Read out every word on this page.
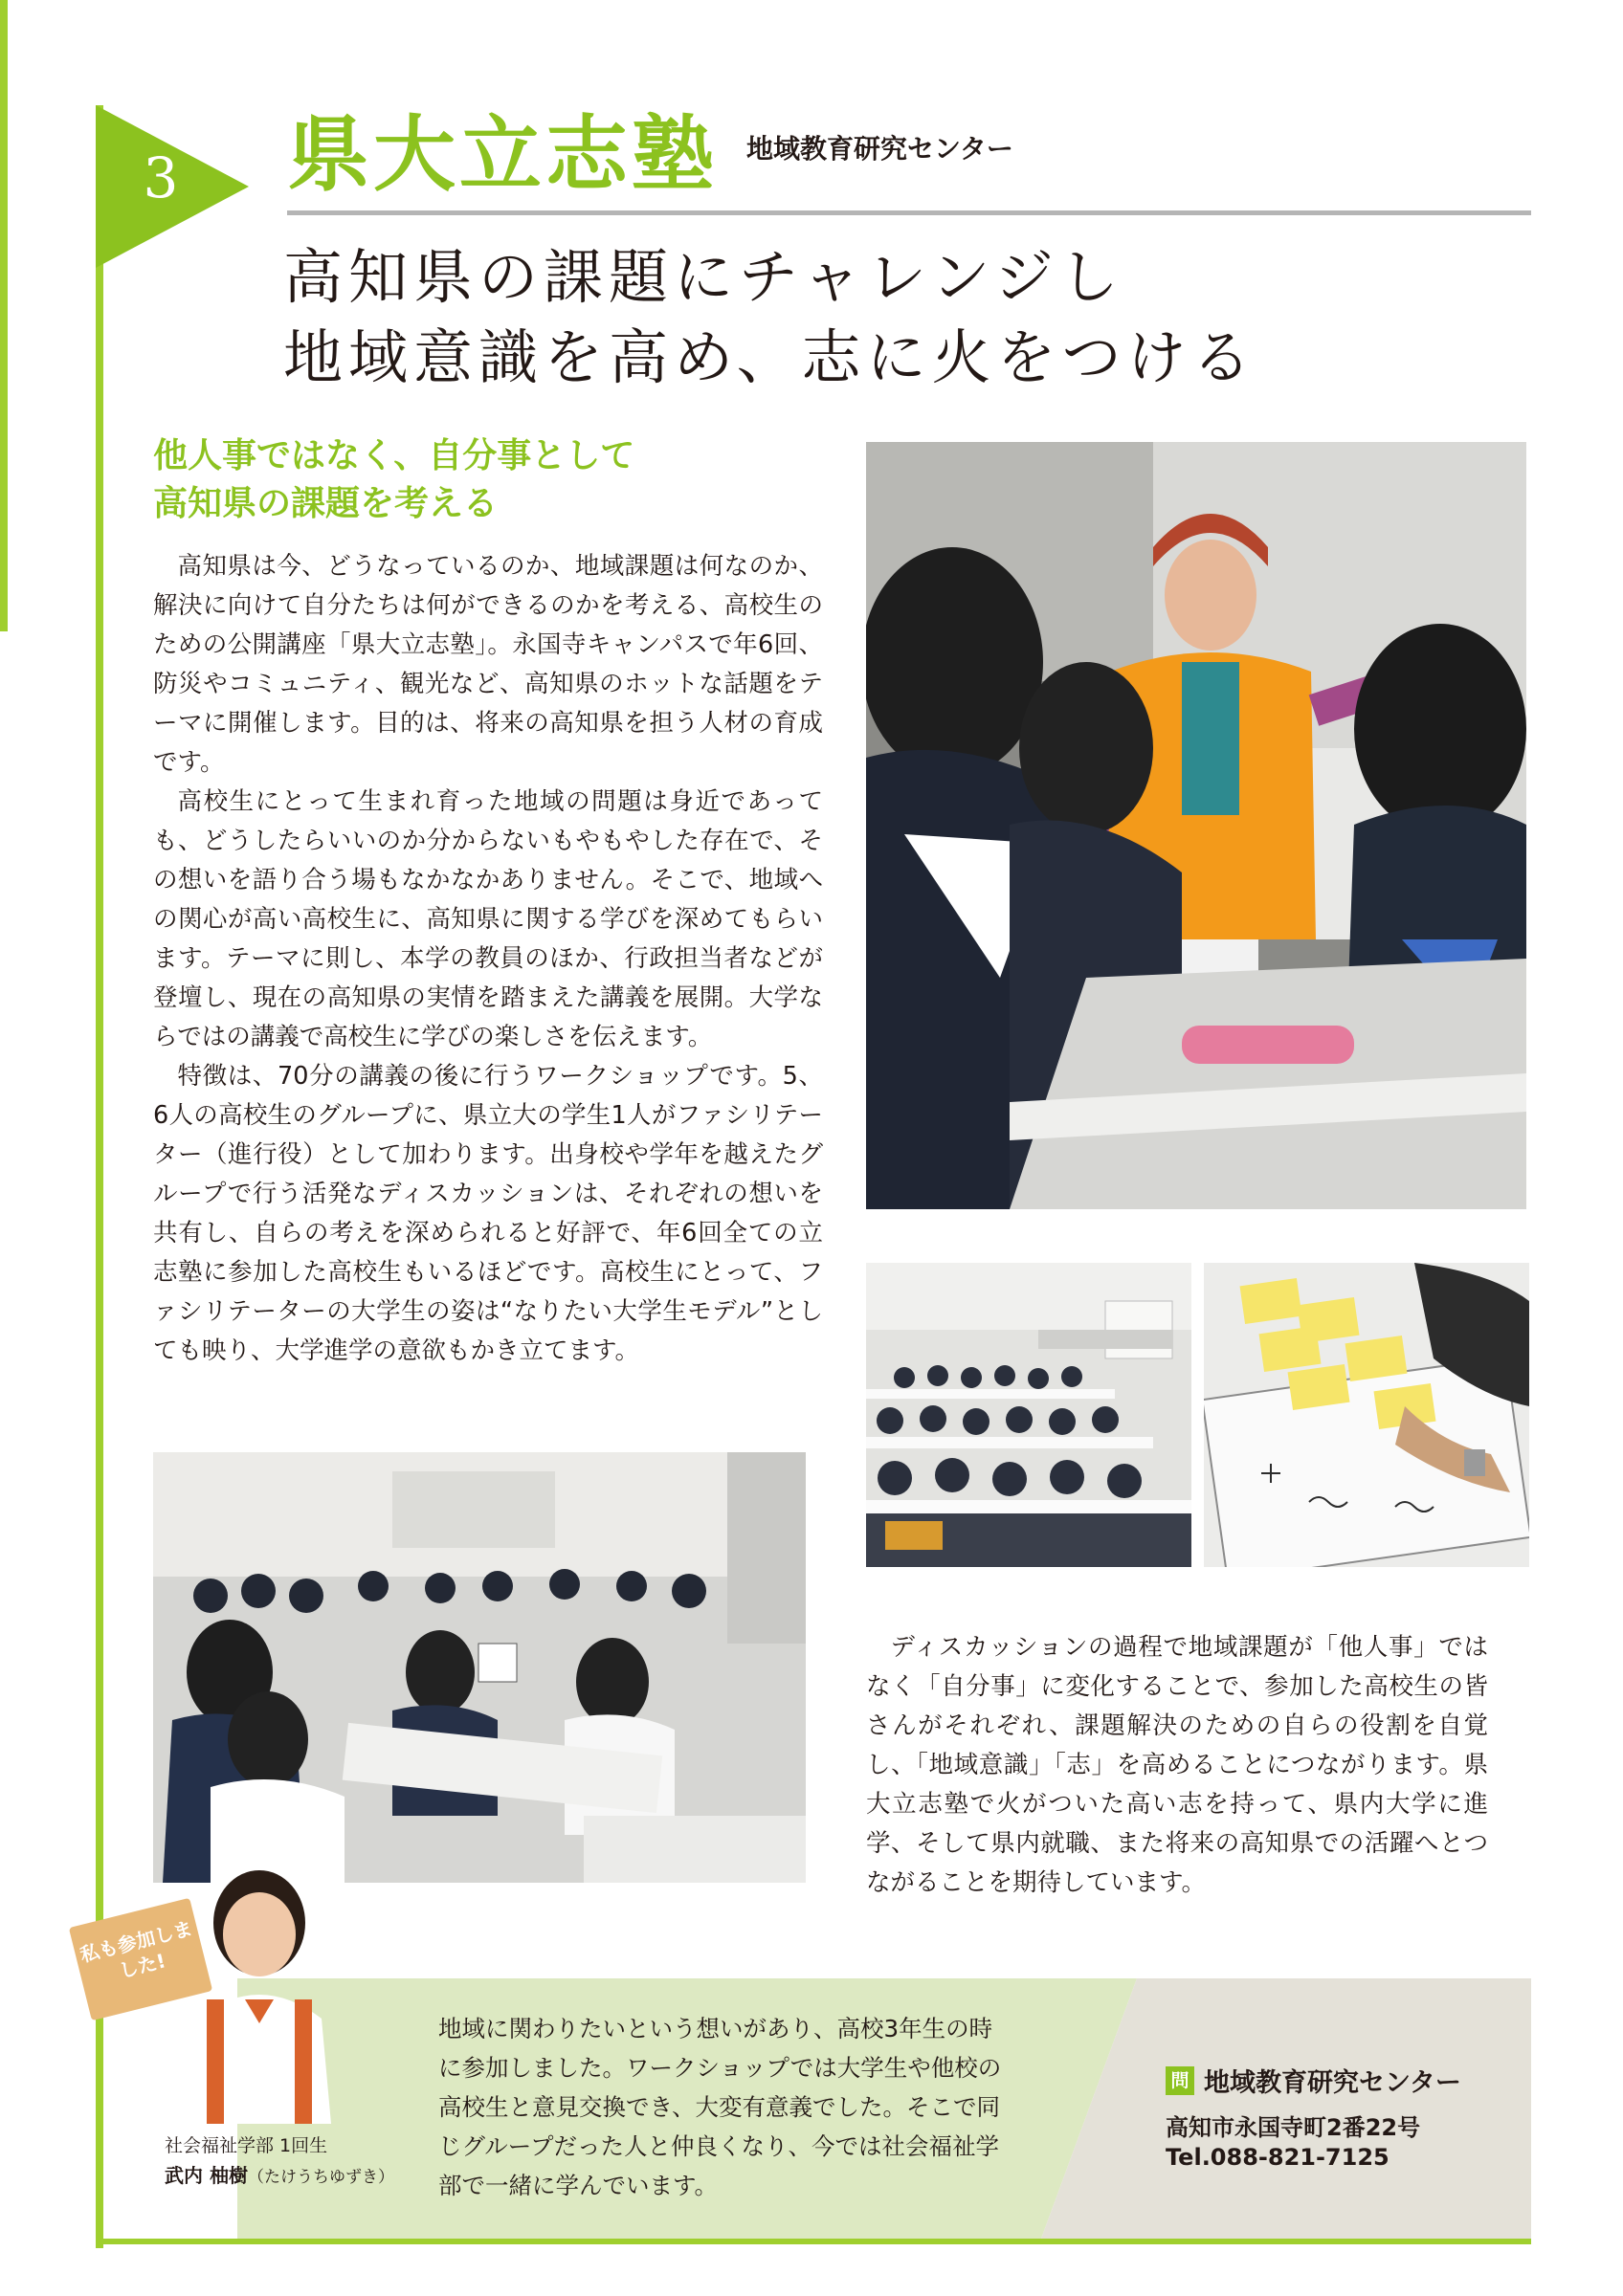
3 県大立志塾 地域教育研究センター
高知県の課題にチャレンジし
地域意識を高め、志に火をつける
他人事ではなく、自分事として
高知県の課題を考える

高知県は今、どうなっているのか、地域課題は何なのか、解決に向けて自分たちは何ができるのかを考える、高校生のための公開講座「県大立志塾」。永国寺キャンパスで年6回、防災やコミュニティ、観光など、高知県のホットな話題をテーマに開催します。目的は、将来の高知県を担う人材の育成です。

高校生にとって生まれ育った地域の問題は身近であっても、どうしたらいいのか分からないもやもやした存在で、その想いを語り合う場もなかなかありません。そこで、地域への関心が高い高校生に、高知県に関する学びを深めてもらいます。テーマに則し、本学の教員のほか、行政担当者などが登壇し、現在の高知県の実情を踏まえた講義を展開。大学ならではの講義で高校生に学びの楽しさを伝えます。

特徴は、70分の講義の後に行うワークショップです。5、6人の高校生のグループに、県立大の学生1人がファシリテーター（進行役）として加わります。出身校や学年を越えたグループで行う活発なディスカッションは、それぞれの想いを共有し、自らの考えを深められると好評で、年6回全ての立志塾に参加した高校生もいるほどです。高校生にとって、ファシリテーターの大学生の姿は“なりたい大学生モデル”としても映り、大学進学の意欲もかき立てます。

ディスカッションの過程で地域課題が「他人事」ではなく「自分事」に変化することで、参加した高校生の皆さんがそれぞれ、課題解決のための自らの役割を自覚し、「地域意識」「志」を高めることにつながります。県大立志塾で火がついた高い志を持って、県内大学に進学、そして県内就職、また将来の高知県での活躍へとつながることを期待しています。

私も参加しました!
社会福祉学部 1回生
武内 柚樹（たけうちゆずき）
地域に関わりたいという想いがあり、高校3年生の時に参加しました。ワークショップでは大学生や他校の高校生と意見交換でき、大変有意義でした。そこで同じグループだった人と仲良くなり、今では社会福祉学部で一緒に学んでいます。
問 地域教育研究センター
高知市永国寺町2番22号
Tel.088-821-7125
